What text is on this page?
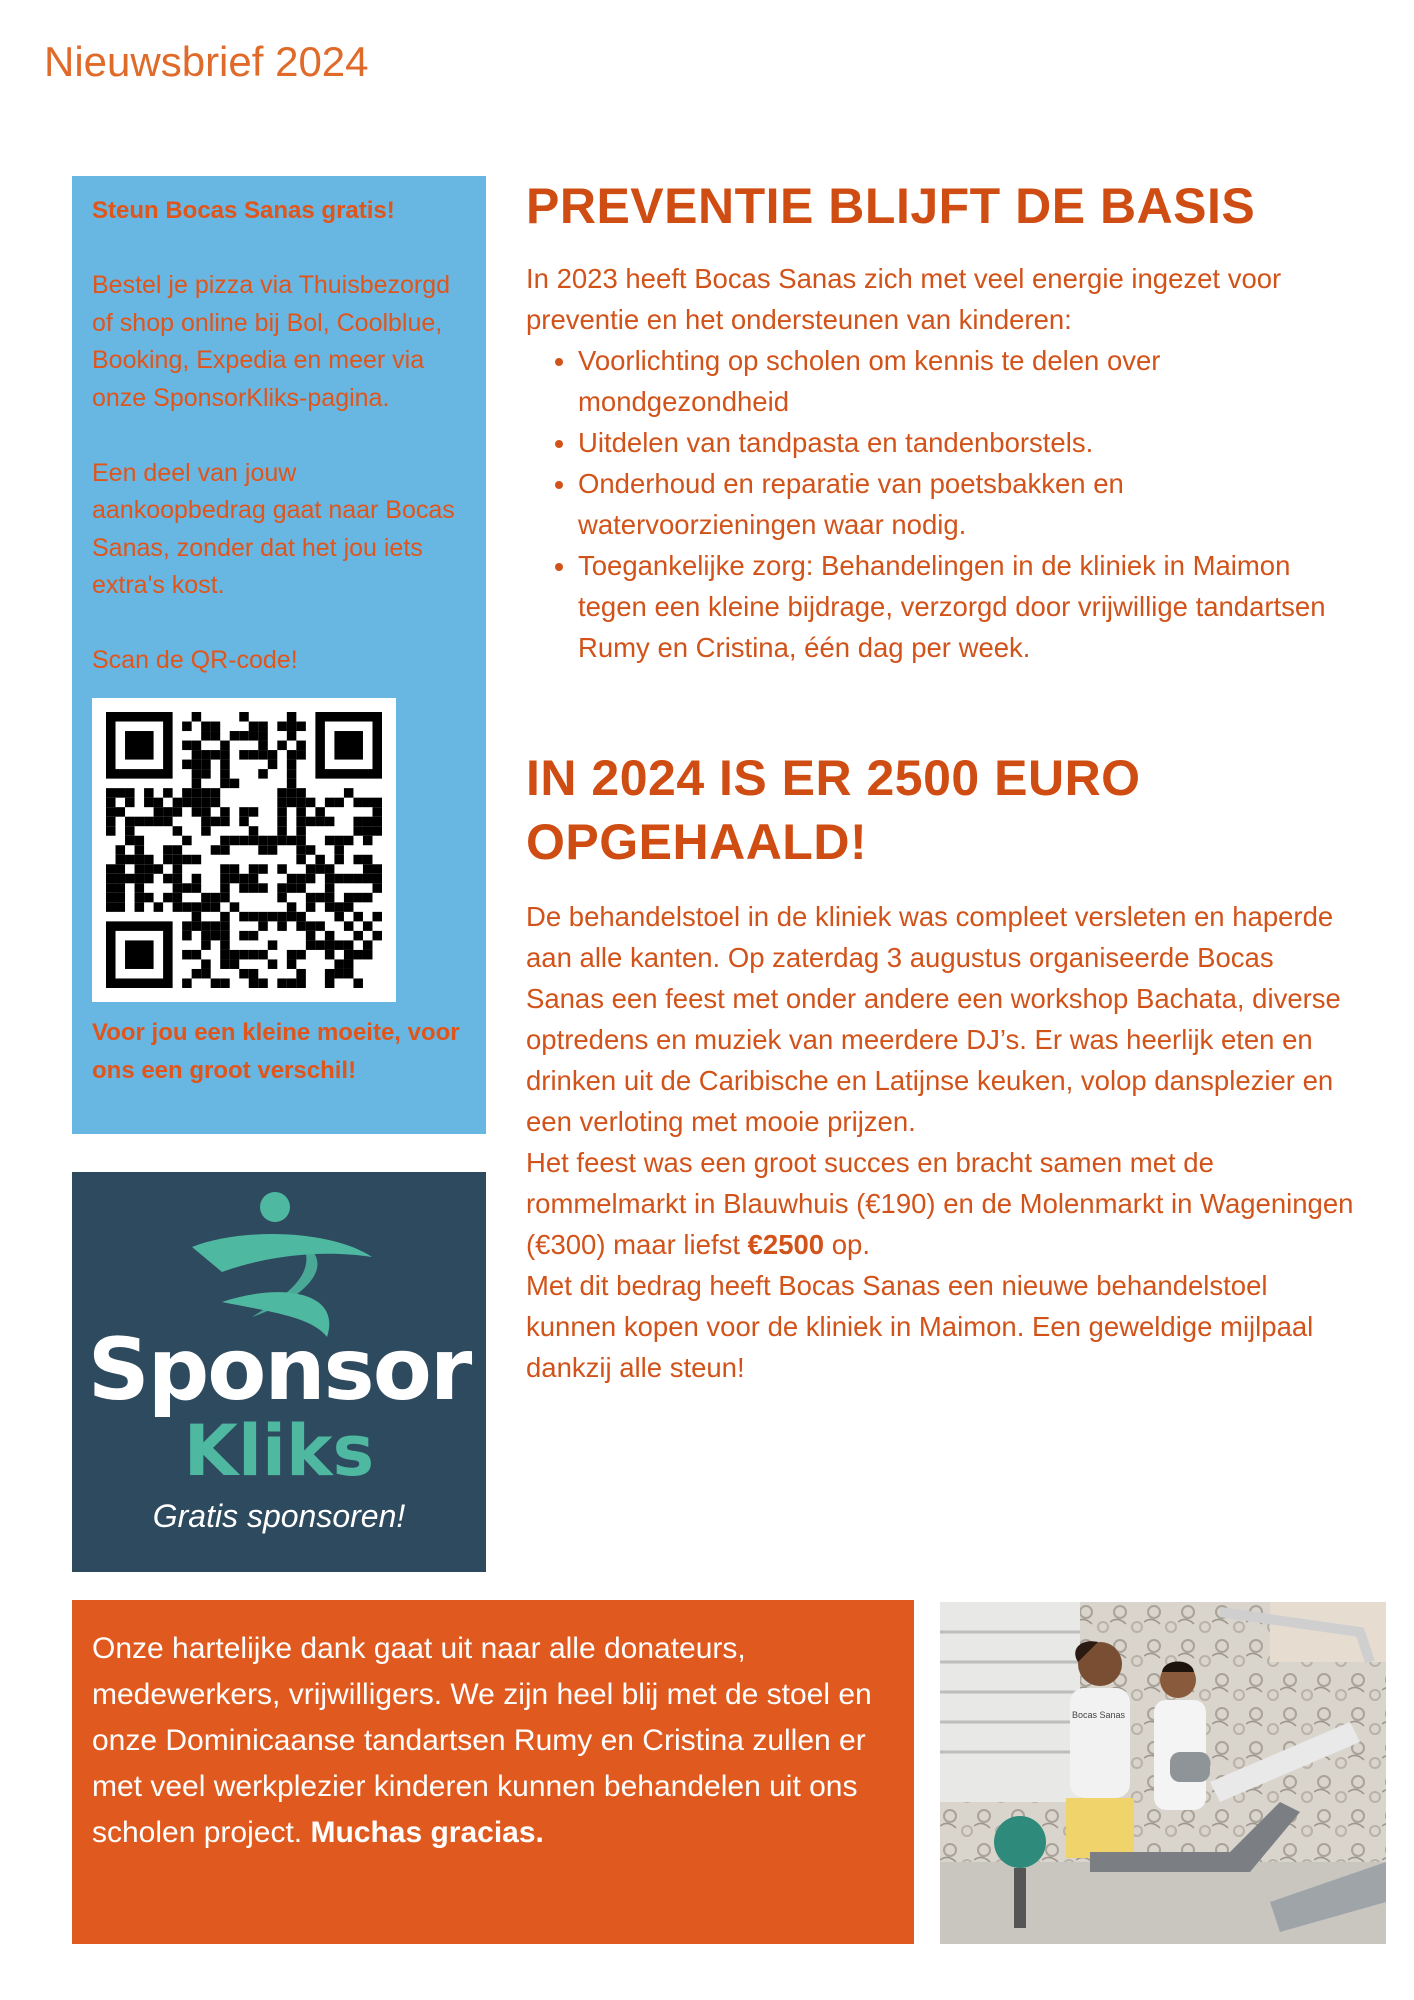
Nieuwsbrief 2024

Steun Bocas Sanas gratis!

Bestel je pizza via Thuisbezorgd of shop online bij Bol, Coolblue, Booking, Expedia en meer via onze SponsorKliks-pagina.

Een deel van jouw aankoopbedrag gaat naar Bocas Sanas, zonder dat het jou iets extra's kost.

Scan de QR-code!

Voor jou een kleine moeite, voor ons een groot verschil!

Sponsor
Kliks
Gratis sponsoren!
PREVENTIE BLIJFT DE BASIS

In 2023 heeft Bocas Sanas zich met veel energie ingezet voor preventie en het ondersteunen van kinderen:

• Voorlichting op scholen om kennis te delen over mondgezondheid
• Uitdelen van tandpasta en tandenborstels.
• Onderhoud en reparatie van poetsbakken en watervoorzieningen waar nodig.
• Toegankelijke zorg: Behandelingen in de kliniek in Maimon tegen een kleine bijdrage, verzorgd door vrijwillige tandartsen Rumy en Cristina, één dag per week.
IN 2024 IS ER 2500 EURO OPGEHAALD!
De behandelstoel in de kliniek was compleet versleten en haperde aan alle kanten. Op zaterdag 3 augustus organiseerde Bocas Sanas een feest met onder andere een workshop Bachata, diverse optredens en muziek van meerdere DJ’s. Er was heerlijk eten en drinken uit de Caribische en Latijnse keuken, volop dansplezier en een verloting met mooie prijzen.
Het feest was een groot succes en bracht samen met de rommelmarkt in Blauwhuis (€190) en de Molenmarkt in Wageningen (€300) maar liefst €2500 op.
Met dit bedrag heeft Bocas Sanas een nieuwe behandelstoel kunnen kopen voor de kliniek in Maimon. Een geweldige mijlpaal dankzij alle steun!
Onze hartelijke dank gaat uit naar alle donateurs, medewerkers, vrijwilligers. We zijn heel blij met de stoel en onze Dominicaanse tandartsen Rumy en Cristina zullen er met veel werkplezier kinderen kunnen behandelen uit ons scholen project. Muchas gracias.
Bocas Sanas
